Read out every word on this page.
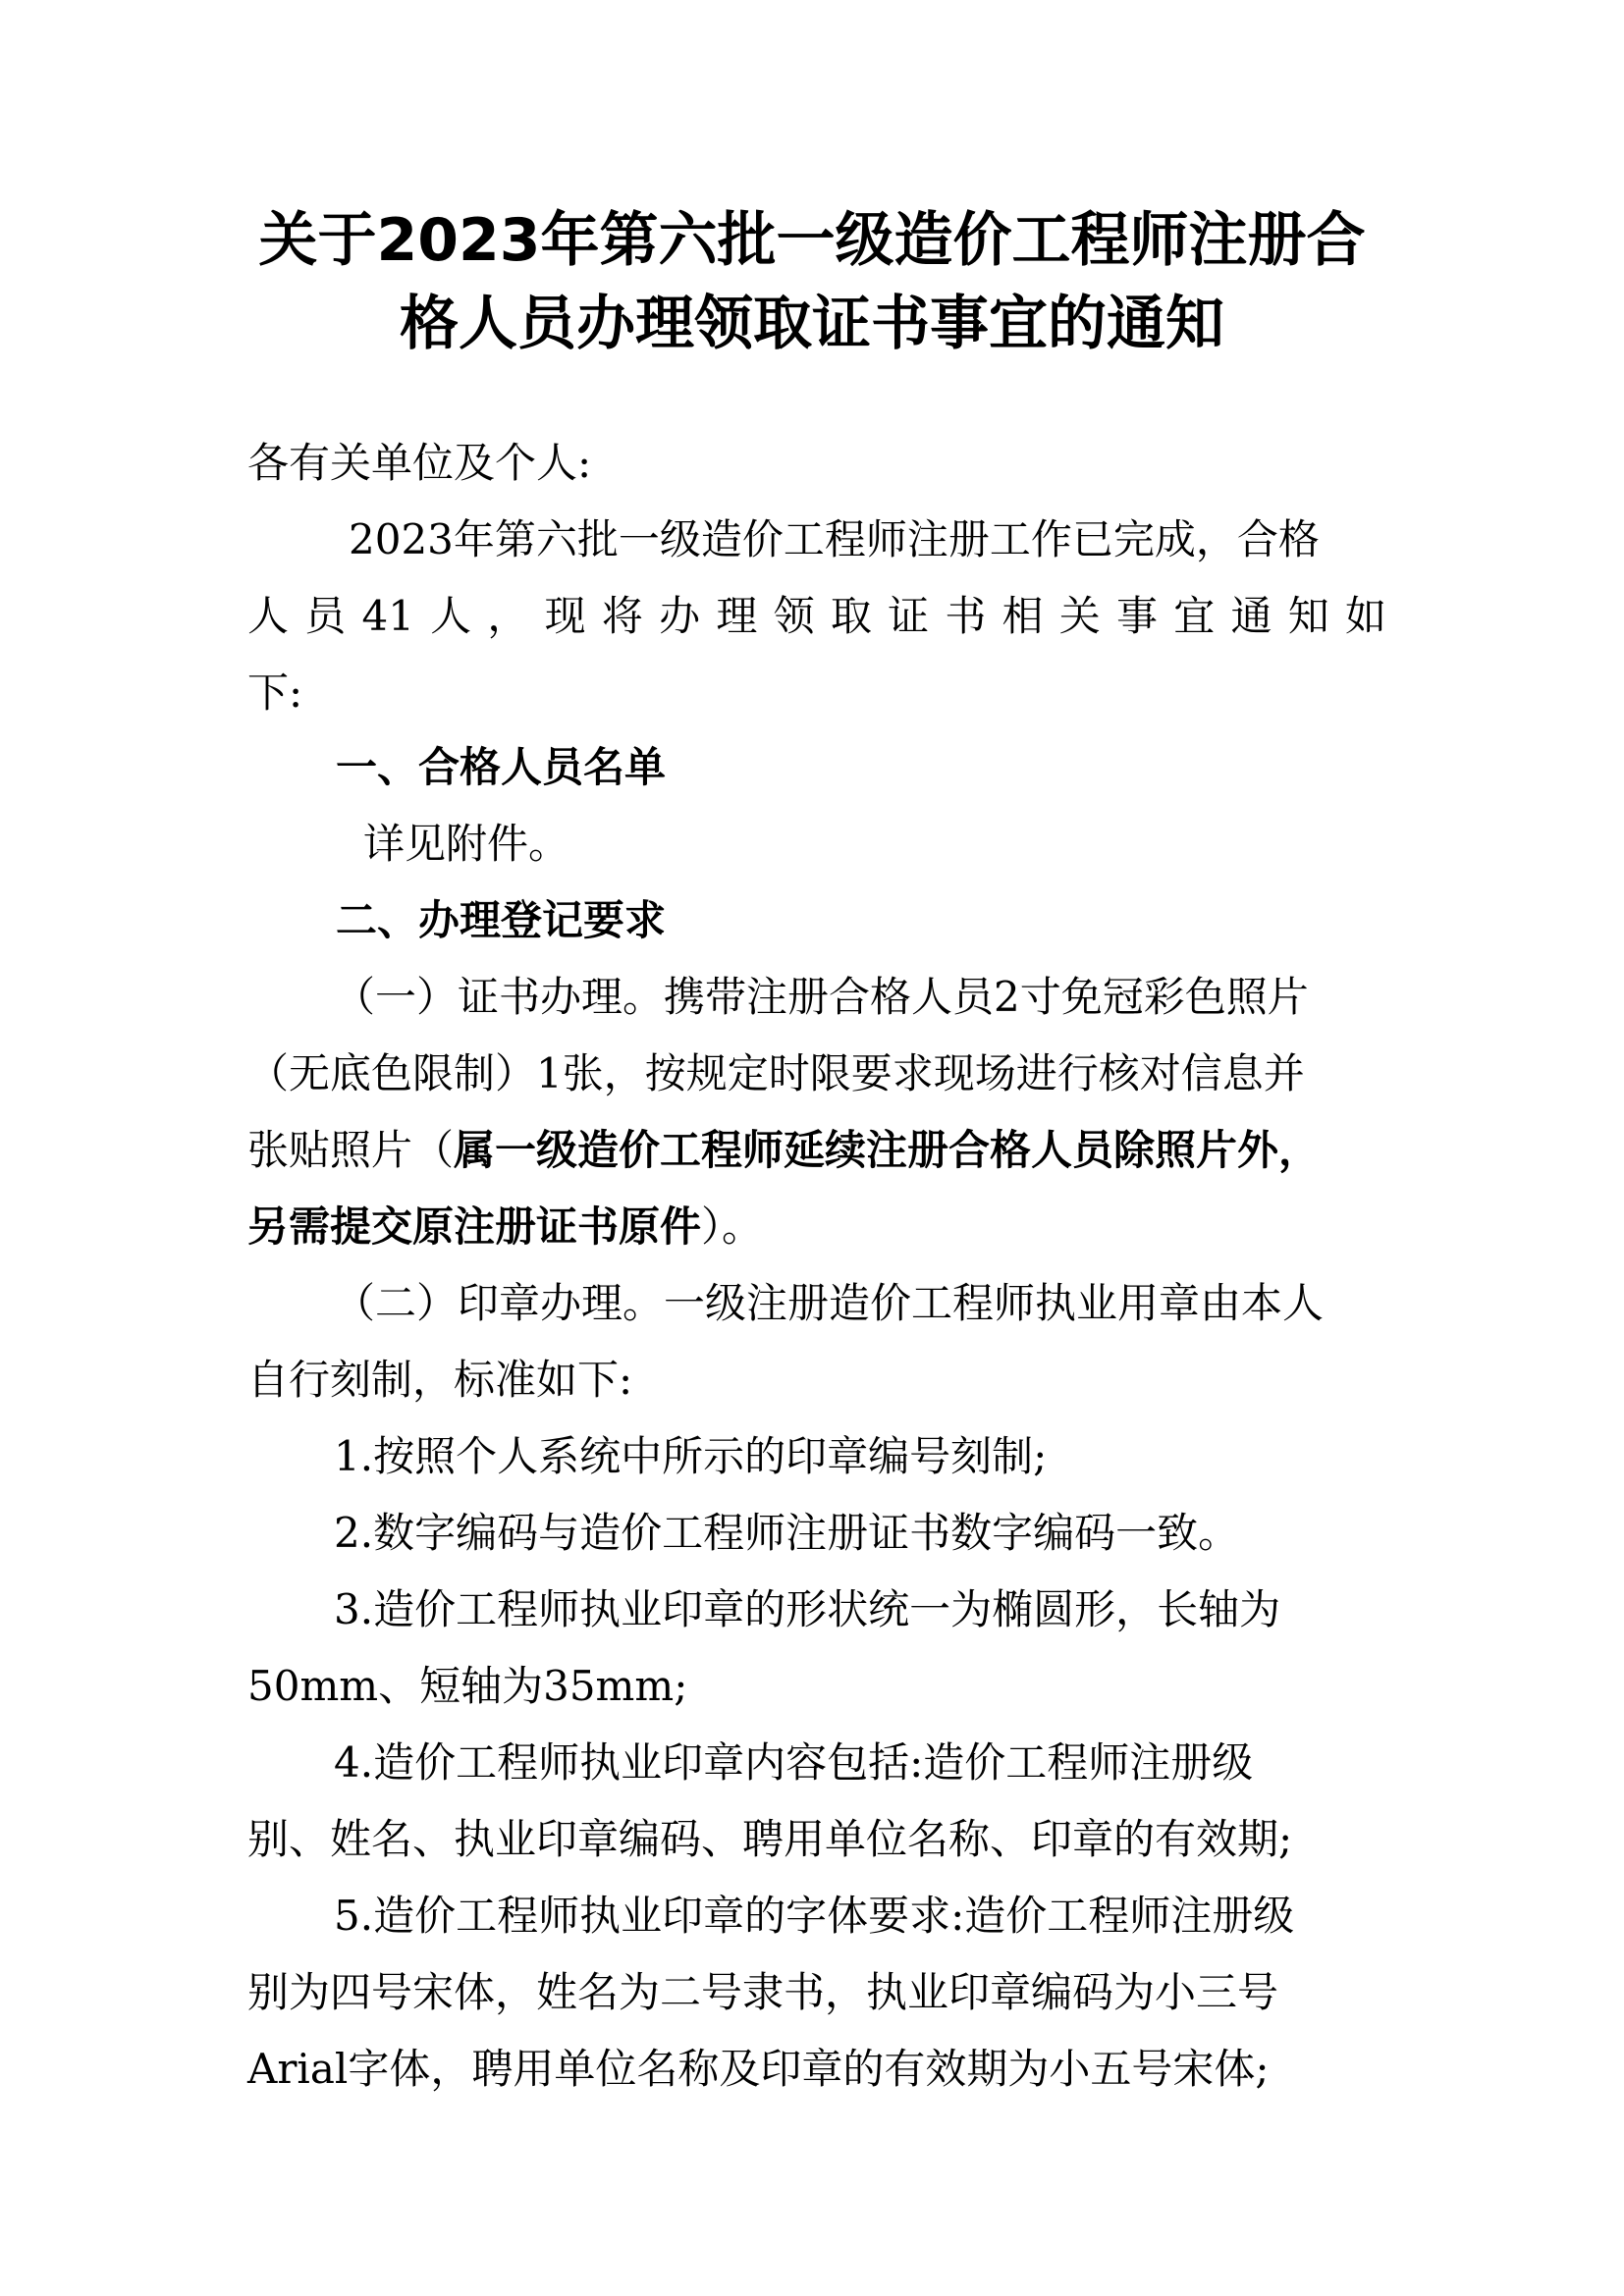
关于2023年第六批一级造价工程师注册合
格人员办理领取证书事宜的通知
各有关单位及个人:
2023年第六批一级造价工程师注册工作已完成，合格
人员41人，现将办理领取证书相关事宜通知如
下:
一、合格人员名单
详见附件。
二、办理登记要求
（一）证书办理。携带注册合格人员2寸免冠彩色照片
（无底色限制）1张，按规定时限要求现场进行核对信息并
张贴照片（属一级造价工程师延续注册合格人员除照片外，
另需提交原注册证书原件）。
（二）印章办理。一级注册造价工程师执业用章由本人
自行刻制，标准如下:
1.按照个人系统中所示的印章编号刻制;
2.数字编码与造价工程师注册证书数字编码一致。
3.造价工程师执业印章的形状统一为椭圆形，长轴为
50mm、短轴为35mm;
4.造价工程师执业印章内容包括:造价工程师注册级
别、姓名、执业印章编码、聘用单位名称、印章的有效期;
5.造价工程师执业印章的字体要求:造价工程师注册级
别为四号宋体，姓名为二号隶书，执业印章编码为小三号
Arial字体，聘用单位名称及印章的有效期为小五号宋体;
